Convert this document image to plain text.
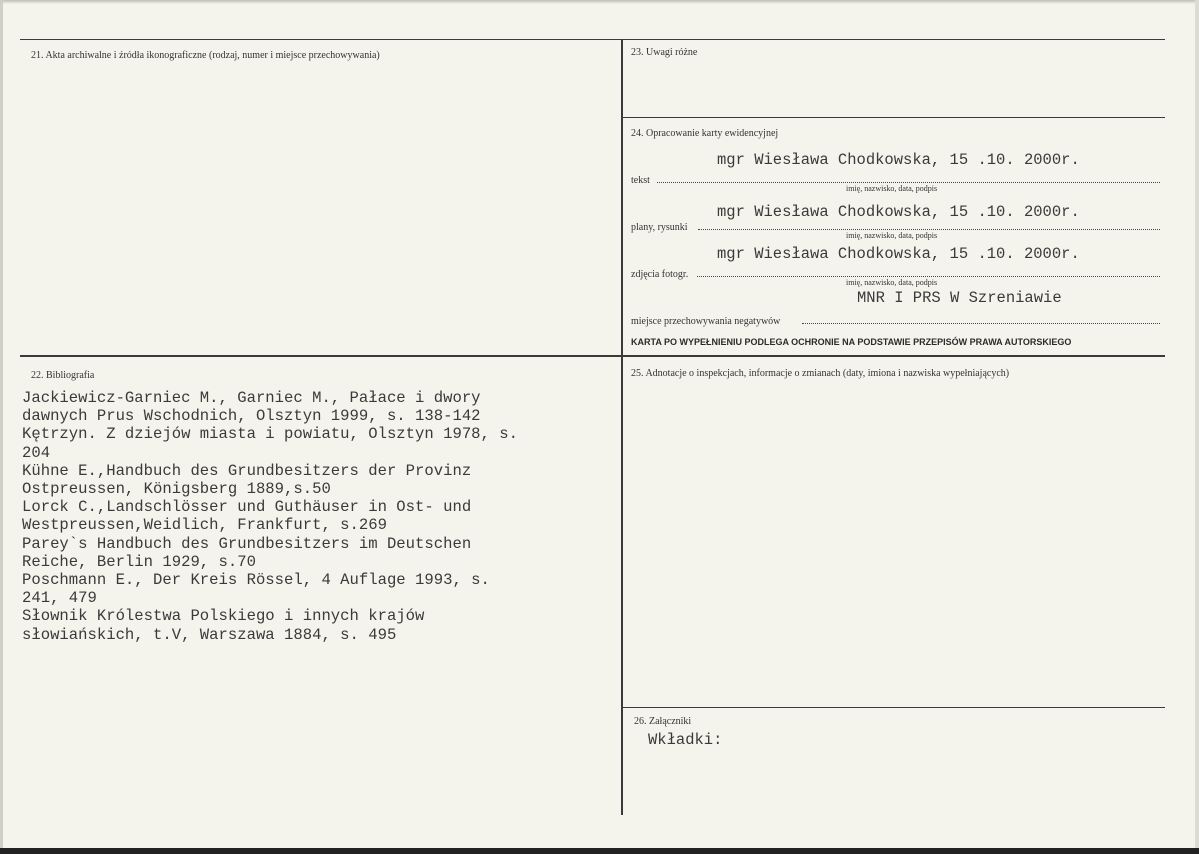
21. Akta archiwalne i źródła ikonograficzne (rodzaj, numer i miejsce przechowywania)	23. Uwagi różne
24. Opracowanie karty ewidencyjnej
mgr Wiesława Chodkowska, 15 .10. 2000r.
tekst
imię, nazwisko, data, podpis
mgr Wiesława Chodkowska, 15 .10. 2000r.
plany, rysunki
imię, nazwisko, data, podpis
mgr Wiesława Chodkowska, 15 .10. 2000r.
zdjęcia fotogr.
imię, nazwisko, data, podpis
MNR I PRS W Szreniawie
miejsce przechowywania negatywów
KARTA PO WYPEŁNIENIU PODLEGA OCHRONIE NA PODSTAWIE PRZEPISÓW PRAWA AUTORSKIEGO
22. Bibliografia
Jackiewicz-Garniec M., Garniec M., Pałace i dwory
dawnych Prus Wschodnich, Olsztyn 1999, s. 138-142
Kętrzyn. Z dziejów miasta i powiatu, Olsztyn 1978, s.
204
Kühne E.,Handbuch des Grundbesitzers der Provinz
Ostpreussen, Königsberg 1889,s.50
Lorck C.,Landschlösser und Guthäuser in Ost- und
Westpreussen,Weidlich, Frankfurt, s.269
Parey`s Handbuch des Grundbesitzers im Deutschen
Reiche, Berlin 1929, s.70
Poschmann E., Der Kreis Rössel, 4 Auflage 1993, s.
241, 479
Słownik Królestwa Polskiego i innych krajów
słowiańskich, t.V, Warszawa 1884, s. 495
25. Adnotacje o inspekcjach, informacje o zmianach (daty, imiona i nazwiska wypełniających)
26. Załączniki
Wkładki:
